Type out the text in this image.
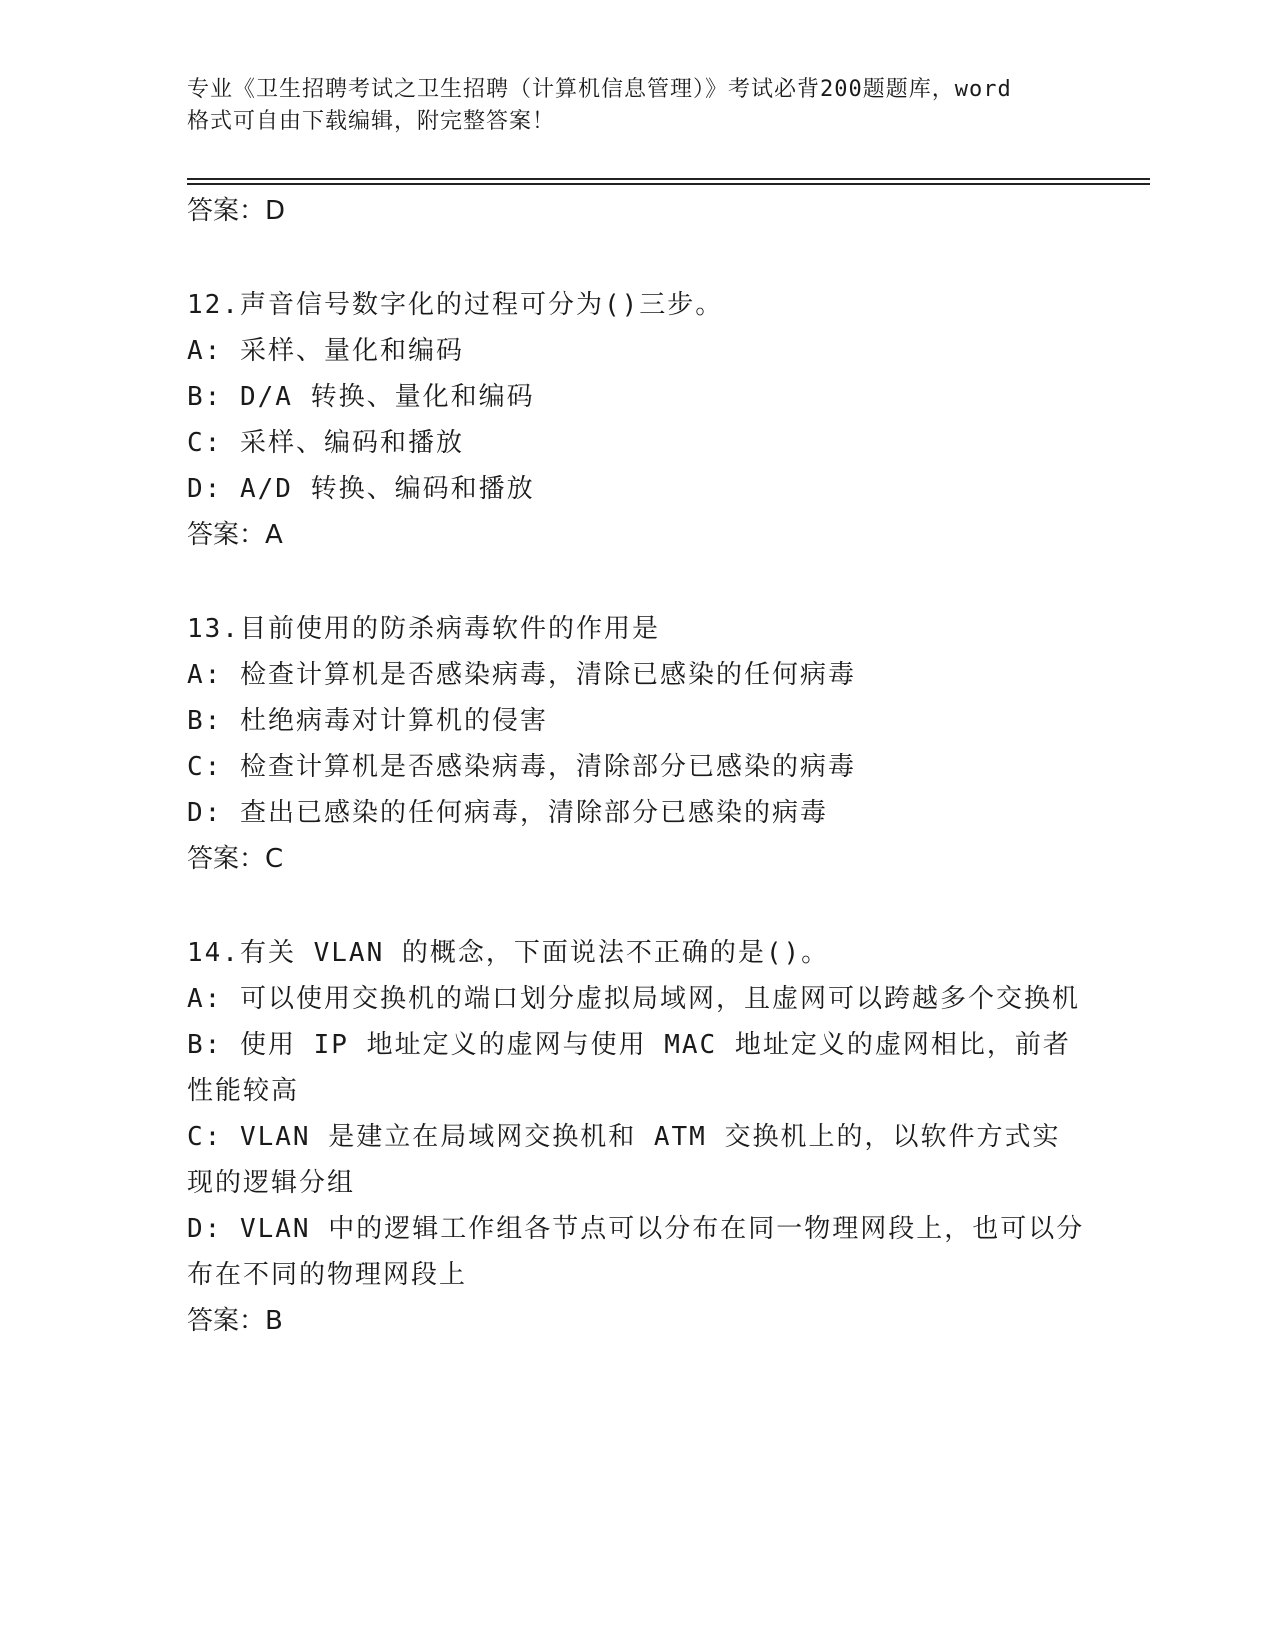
专业《卫生招聘考试之卫生招聘（计算机信息管理）》考试必背200题题库，word
格式可自由下载编辑，附完整答案！

答案：D

12.声音信号数字化的过程可分为()三步。

A: 采样、量化和编码

B: D/A 转换、量化和编码

C: 采样、编码和播放

D: A/D 转换、编码和播放

答案：A

13.目前使用的防杀病毒软件的作用是

A: 检查计算机是否感染病毒，清除已感染的任何病毒

B: 杜绝病毒对计算机的侵害

C: 检查计算机是否感染病毒，清除部分已感染的病毒

D: 查出已感染的任何病毒，清除部分已感染的病毒

答案：C

14.有关 VLAN 的概念，下面说法不正确的是()。

A: 可以使用交换机的端口划分虚拟局域网，且虚网可以跨越多个交换机

B: 使用 IP 地址定义的虚网与使用 MAC 地址定义的虚网相比，前者性能较高

C: VLAN 是建立在局域网交换机和 ATM 交换机上的，以软件方式实现的逻辑分组

D: VLAN 中的逻辑工作组各节点可以分布在同一物理网段上，也可以分布在不同的物理网段上

答案：B
